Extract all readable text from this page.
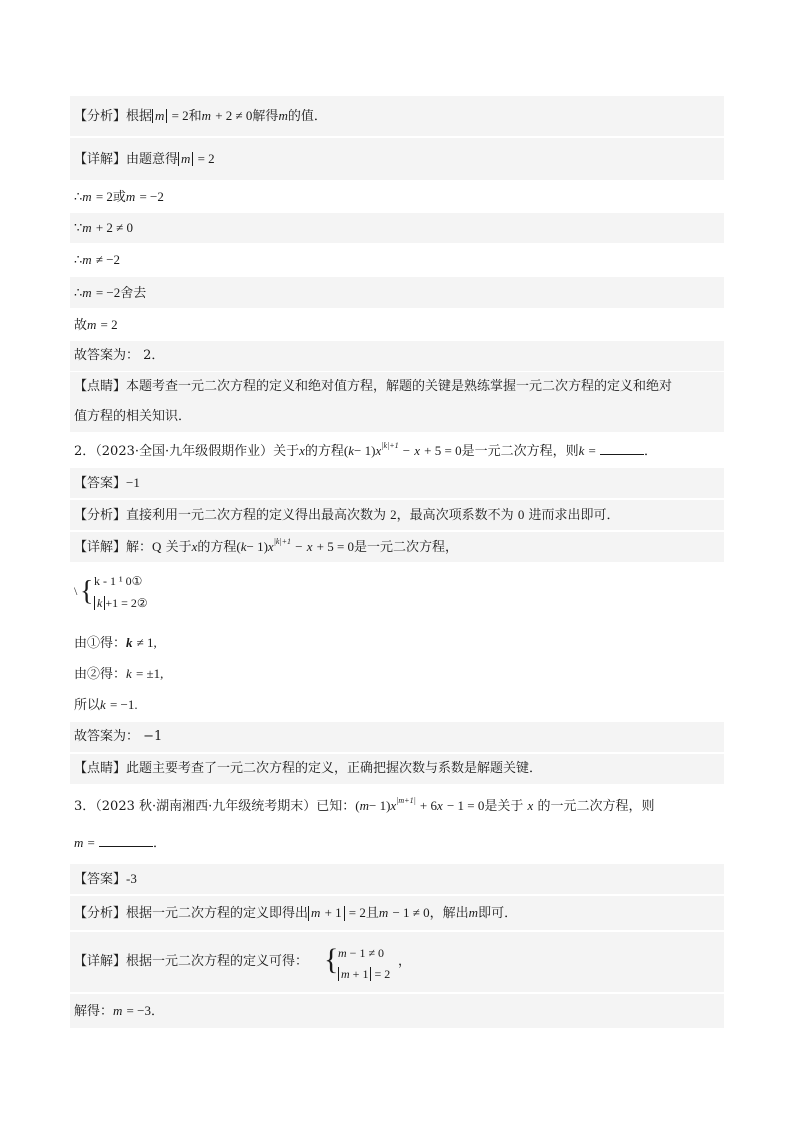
【分析】根据 m = 2和m + 2 ≠ 0解得m的值．
【详解】由题意得 m = 2
∴m = 2或m = −2
∵m + 2 ≠ 0
∴m ≠ −2
∴m = −2舍去
故m = 2
故答案为： 2．
【点睛】本题考查一元二次方程的定义和绝对值方程，解题的关键是熟练掌握一元二次方程的定义和绝对
值方程的相关知识．
2．（2023·全国·九年级假期作业）关于x的方程$(k- 1)x^{|k|+1} - x + 5 = 0$是一元二次方程，则k =	．
【答案】−1
【分析】直接利用一元二次方程的定义得出最高次数为 2，最高次项系数不为 0 进而求出即可．
【详解】解：Q 关于x的方程$(k- 1)x^{|k|+1} - x + 5 = 0$是一元二次方程，
\ { k - 1 ¹ 0①
k +1 = 2②
由①得：k ≠ 1,
由②得：k = ±1,
所以k = −1.
故答案为： −1
【点睛】此题主要考查了一元二次方程的定义，正确把握次数与系数是解题关键．
3．（2023 秋·湖南湘西·九年级统考期末）已知：$(m- 1)x^{|m+1|} + 6x - 1 = 0$是关于 x 的一元二次方程，则
m =	．
【答案】-3
【分析】根据一元二次方程的定义即得出 m + 1 = 2且m − 1 ≠ 0，解出m即可．
【详解】根据一元二次方程的定义可得： { m − 1 ≠ 0
m + 1 = 2
，
解得：m = −3．
